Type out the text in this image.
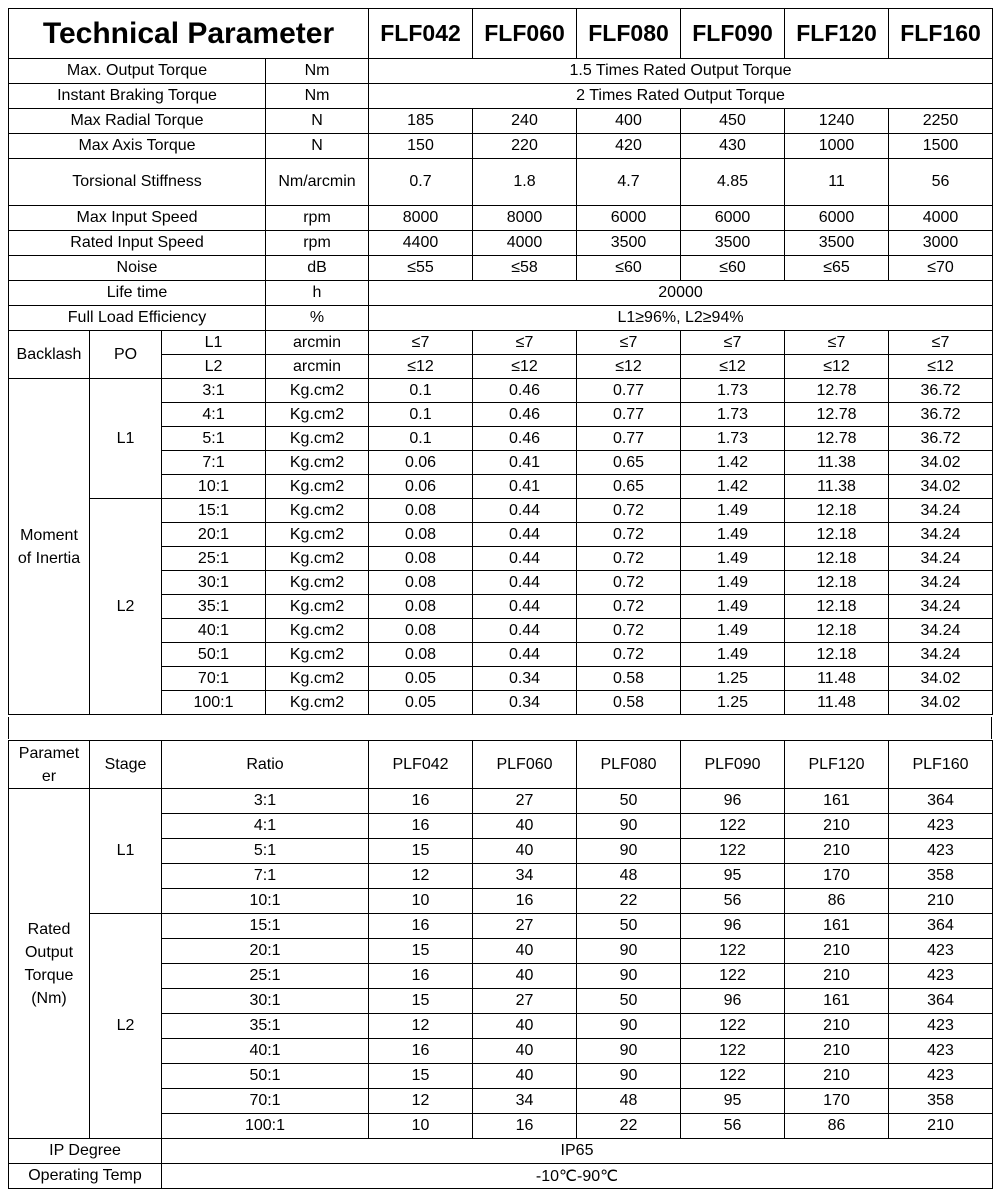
Technical Parameter				FLF042	FLF060	FLF080	FLF090	FLF120	FLF160
Max. Output Torque			Nm	1.5 Times Rated Output Torque					
Instant Braking Torque			Nm	2 Times Rated Output Torque					
Max Radial Torque			N	185	240	400	450	1240	2250
Max Axis Torque			N	150	220	420	430	1000	1500
Torsional Stiffness			Nm/arcmin	0.7	1.8	4.7	4.85	11	56
Max Input Speed			rpm	8000	8000	6000	6000	6000	4000
Rated Input Speed			rpm	4400	4000	3500	3500	3500	3000
Noise			dB	≤55	≤58	≤60	≤60	≤65	≤70
Life time			h	20000					
Full Load Efficiency			%	L1≥96%, L2≥94%					
Backlash	PO	L1	arcmin	≤7	≤7	≤7	≤7	≤7	≤7
		L2	arcmin	≤12	≤12	≤12	≤12	≤12	≤12
Moment
of Inertia	L1	3:1	Kg.cm2	0.1	0.46	0.77	1.73	12.78	36.72
		4:1	Kg.cm2	0.1	0.46	0.77	1.73	12.78	36.72
		5:1	Kg.cm2	0.1	0.46	0.77	1.73	12.78	36.72
		7:1	Kg.cm2	0.06	0.41	0.65	1.42	11.38	34.02
		10:1	Kg.cm2	0.06	0.41	0.65	1.42	11.38	34.02
	L2	15:1	Kg.cm2	0.08	0.44	0.72	1.49	12.18	34.24
		20:1	Kg.cm2	0.08	0.44	0.72	1.49	12.18	34.24
		25:1	Kg.cm2	0.08	0.44	0.72	1.49	12.18	34.24
		30:1	Kg.cm2	0.08	0.44	0.72	1.49	12.18	34.24
		35:1	Kg.cm2	0.08	0.44	0.72	1.49	12.18	34.24
		40:1	Kg.cm2	0.08	0.44	0.72	1.49	12.18	34.24
		50:1	Kg.cm2	0.08	0.44	0.72	1.49	12.18	34.24
		70:1	Kg.cm2	0.05	0.34	0.58	1.25	11.48	34.02
		100:1	Kg.cm2	0.05	0.34	0.58	1.25	11.48	34.02
Paramet
er	Stage	Ratio	PLF042	PLF060	PLF080	PLF090	PLF120	PLF160
Rated
Output
Torque
(Nm)	L1	3:1	16	27	50	96	161	364
		4:1	16	40	90	122	210	423
		5:1	15	40	90	122	210	423
		7:1	12	34	48	95	170	358
		10:1	10	16	22	56	86	210
	L2	15:1	16	27	50	96	161	364
		20:1	15	40	90	122	210	423
		25:1	16	40	90	122	210	423
		30:1	15	27	50	96	161	364
		35:1	12	40	90	122	210	423
		40:1	16	40	90	122	210	423
		50:1	15	40	90	122	210	423
		70:1	12	34	48	95	170	358
		100:1	10	16	22	56	86	210
IP Degree		IP65						
Operating Temp		-10℃-90℃						
